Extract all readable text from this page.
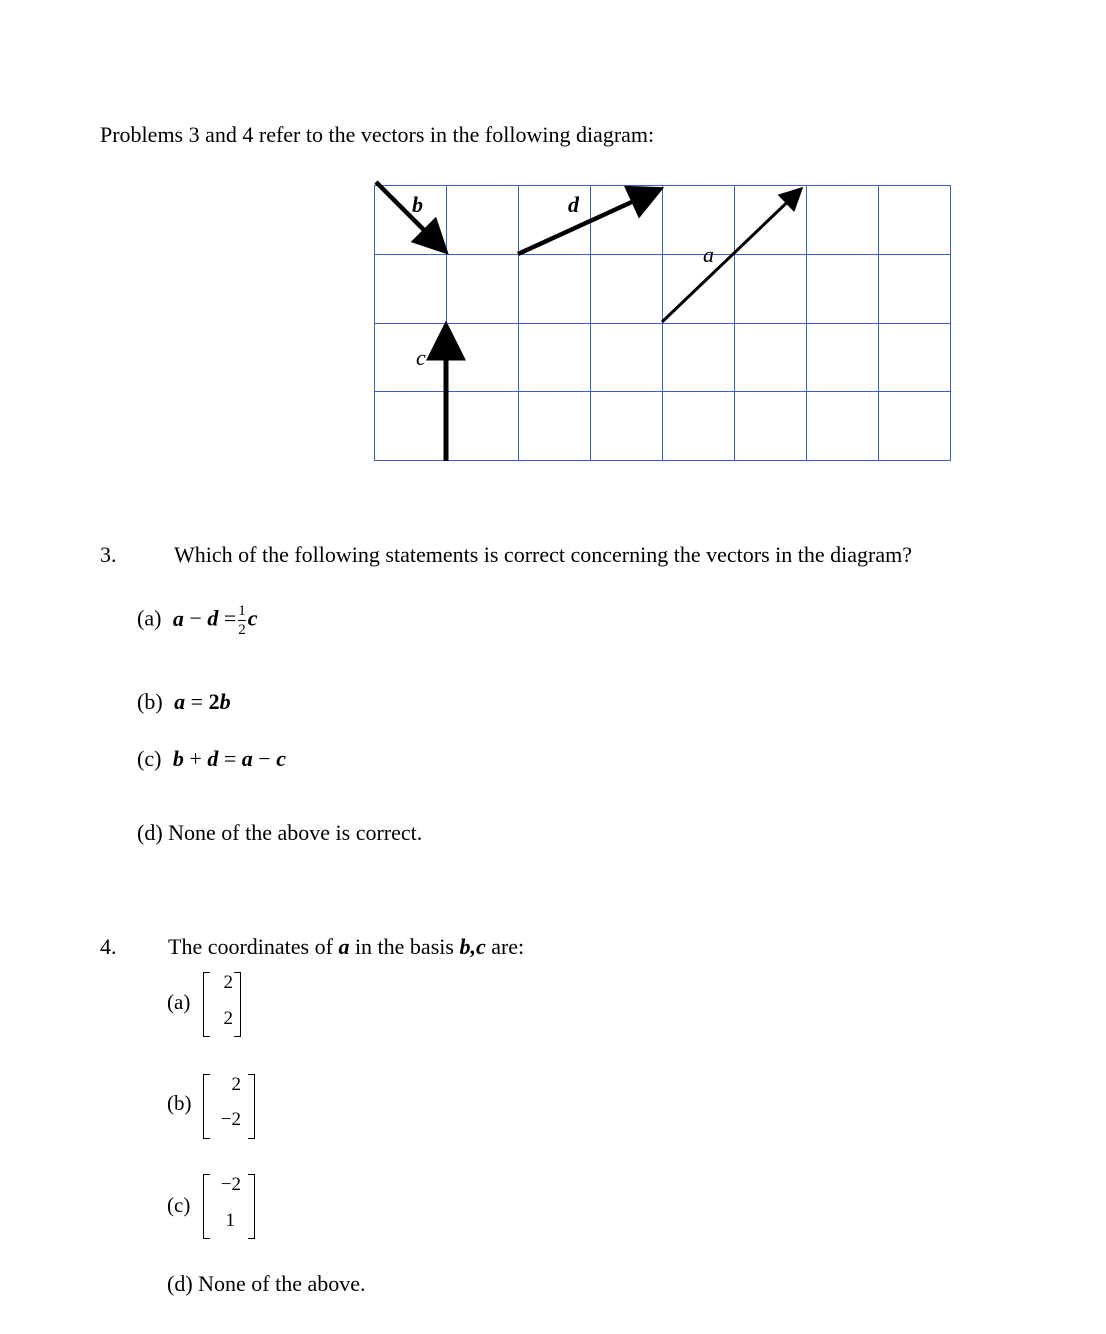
Problems 3 and 4 refer to the vectors in the following diagram:
b	d
a
c
3.	Which of the following statements is correct concerning the vectors in the diagram?
(a) $a - d = \frac{1}{2}$ c
(b) a = 2b
(c) b + d = a − c
(d) None of the above is correct.
4. The coordinates of a in the basis b,c are:
(a)
2
2
(b)
2
−2
(c)
−2
1
(d) None of the above.
